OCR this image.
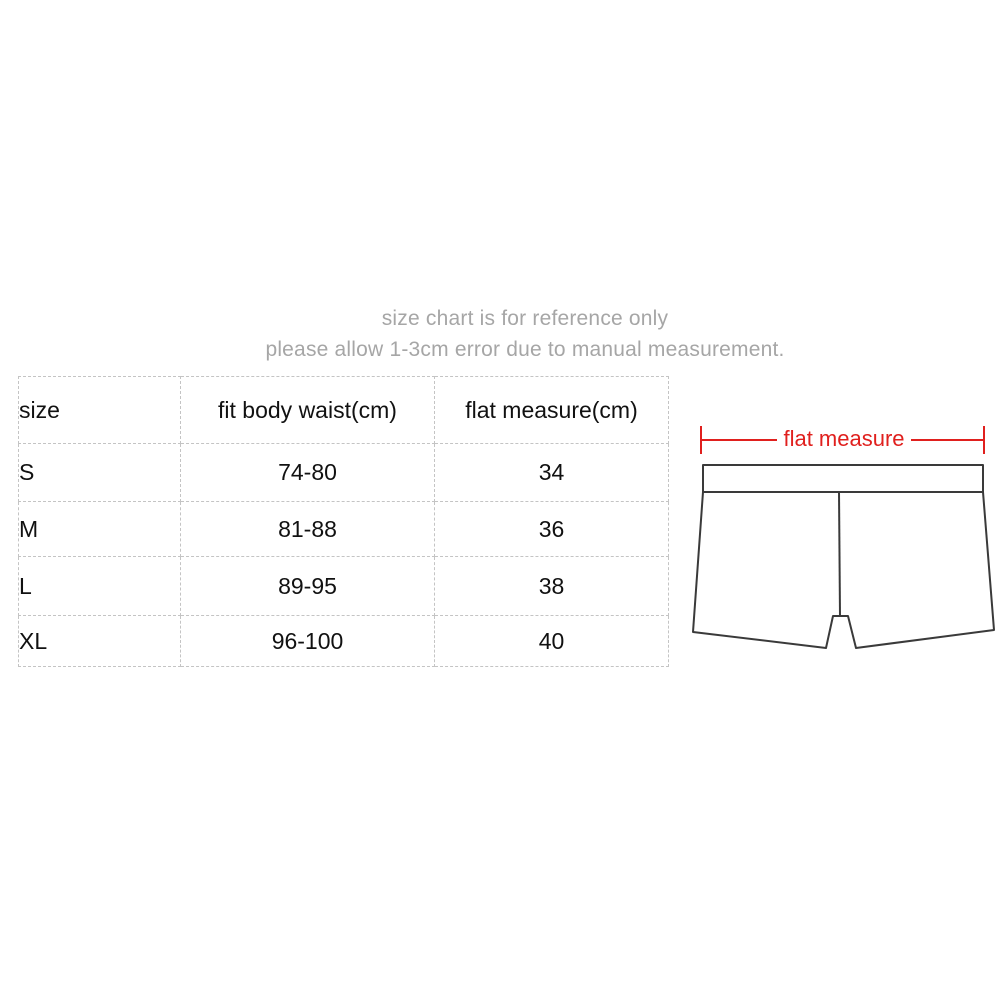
size chart is for reference only
please allow 1-3cm error due to manual measurement.
size	fit body waist(cm)	flat measure(cm)
S	74-80	34
M	81-88	36
L	89-95	38
XL	96-100	40
flat measure
